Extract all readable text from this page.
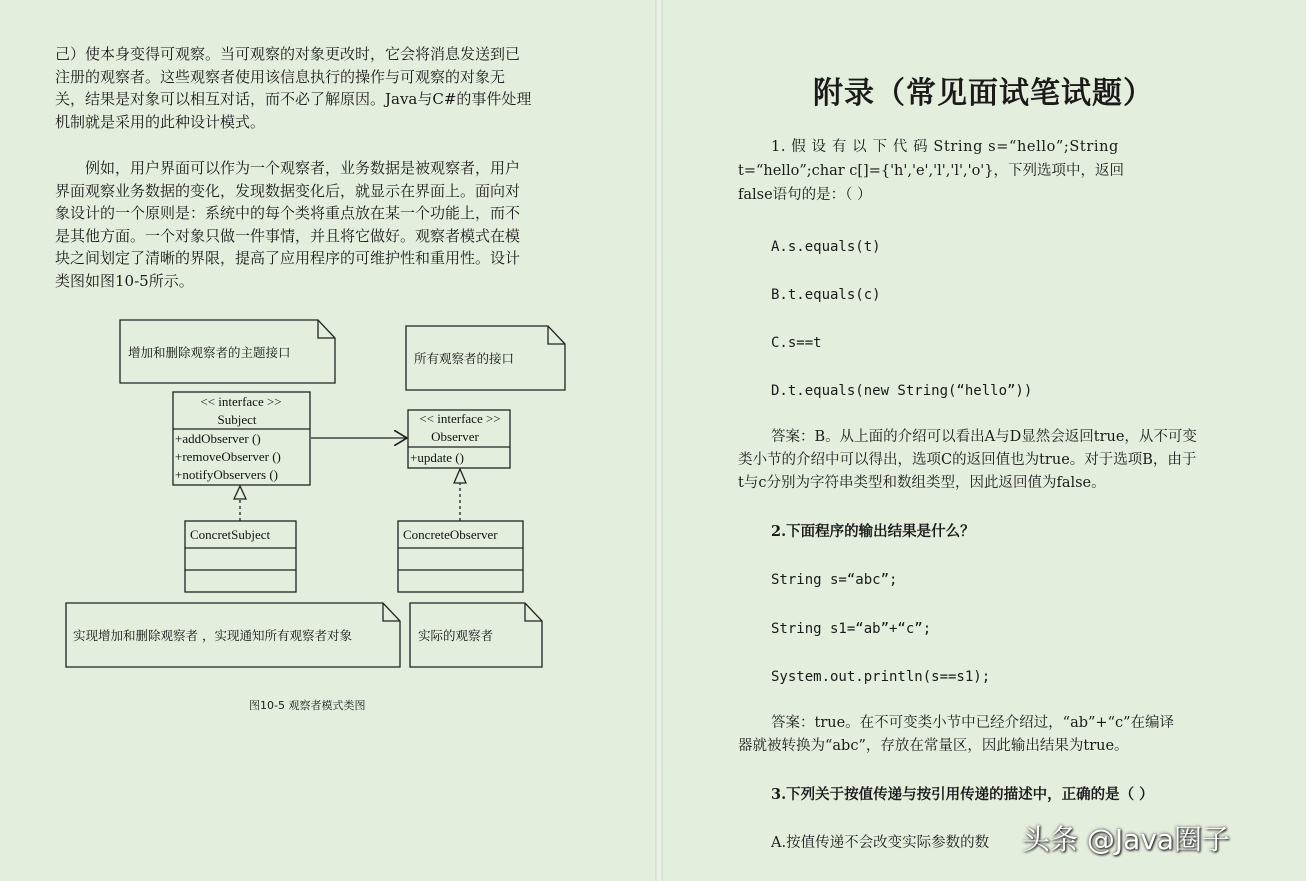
己）使本身变得可观察。当可观察的对象更改时，它会将消息发送到已
注册的观察者。这些观察者使用该信息执行的操作与可观察的对象无
关，结果是对象可以相互对话，而不必了解原因。Java与C#的事件处理
机制就是采用的此种设计模式。
例如，用户界面可以作为一个观察者，业务数据是被观察者，用户
界面观察业务数据的变化，发现数据变化后，就显示在界面上。面向对
象设计的一个原则是：系统中的每个类将重点放在某一个功能上，而不
是其他方面。一个对象只做一件事情，并且将它做好。观察者模式在模
块之间划定了清晰的界限，提高了应用程序的可维护性和重用性。设计
类图如图10-5所示。
增加和删除观察者的主题接口	所有观察者的接口
<< interface >>
Subject
+addObserver ()
+removeObserver ()
+notifyObservers ()
<< interface >>
Observer
+update ()
ConcretSubject	ConcreteObserver
实现增加和删除观察者 ，实现通知所有观察者对象	实际的观察者
图10-5 观察者模式类图
附录（常见面试笔试题）
1. 假 设 有 以 下 代 码 String s=“hello”;String
t=“hello”;char c[]={'h','e','l','l','o'}，下列选项中，返回
false语句的是：（ ）
A.s.equals(t)
B.t.equals(c)
C.s==t
D.t.equals(new String(“hello”))
答案：B。从上面的介绍可以看出A与D显然会返回true，从不可变
类小节的介绍中可以得出，选项C的返回值也为true。对于选项B，由于
t与c分别为字符串类型和数组类型，因此返回值为false。
2.下面程序的输出结果是什么？
String s=“abc”;
String s1=“ab”+“c”;
System.out.println(s==s1);
答案：true。在不可变类小节中已经介绍过，“ab”+“c”在编译
器就被转换为“abc”，存放在常量区，因此输出结果为true。
3.下列关于按值传递与按引用传递的描述中，正确的是（ ）
A.按值传递不会改变实际参数的数	头条 @Java圈子
